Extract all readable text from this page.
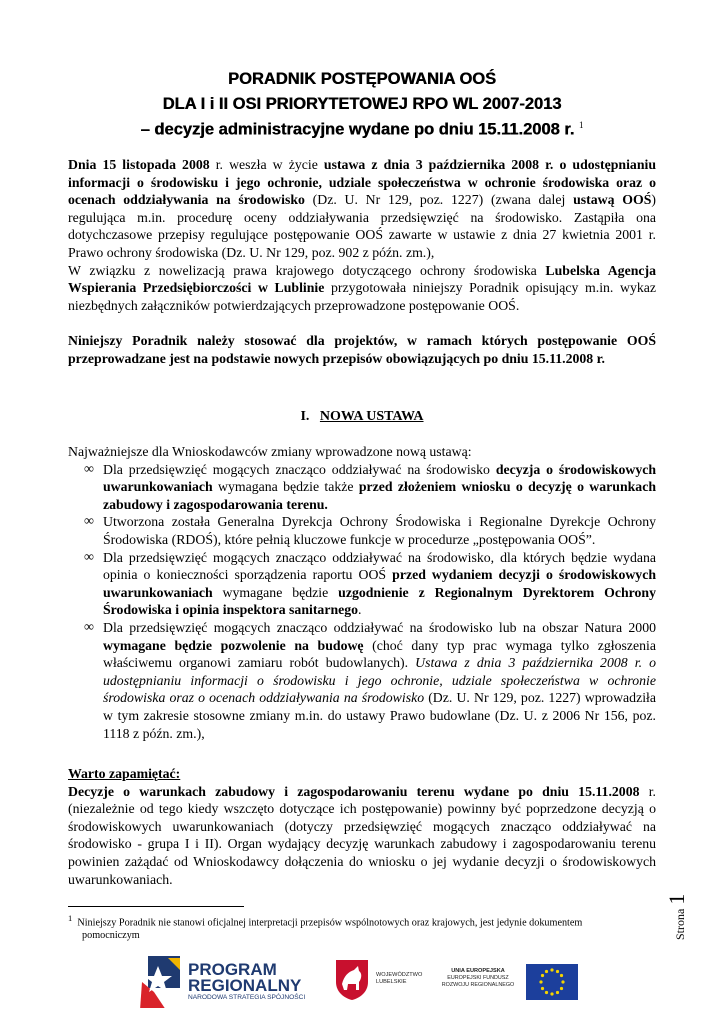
PORADNIK POSTĘPOWANIA OOŚ
DLA I i II OSI PRIORYTETOWEJ RPO WL 2007-2013
– decyzje administracyjne wydane po dniu 15.11.2008 r. $^1$

Dnia 15 listopada 2008 r. weszła w życie ustawa z dnia 3 października 2008 r. o udostępnianiu informacji o środowisku i jego ochronie, udziale społeczeństwa w ochronie środowiska oraz o ocenach oddziaływania na środowisko (Dz. U. Nr 129, poz. 1227) (zwana dalej ustawą OOŚ) regulująca m.in. procedurę oceny oddziaływania przedsięwzięć na środowisko. Zastąpiła ona dotychczasowe przepisy regulujące postępowanie OOŚ zawarte w ustawie z dnia 27 kwietnia 2001 r. Prawo ochrony środowiska (Dz. U. Nr 129, poz. 902 z późn. zm.),

W związku z nowelizacją prawa krajowego dotyczącego ochrony środowiska Lubelska Agencja Wspierania Przedsiębiorczości w Lublinie przygotowała niniejszy Poradnik opisujący m.in. wykaz niezbędnych załączników potwierdzających przeprowadzone postępowanie OOŚ.

Niniejszy Poradnik należy stosować dla projektów, w ramach których postępowanie OOŚ przeprowadzane jest na podstawie nowych przepisów obowiązujących po dniu 15.11.2008 r.

I. NOWA USTAWA

Najważniejsze dla Wnioskodawców zmiany wprowadzone nową ustawą:

∞ Dla przedsięwzięć mogących znacząco oddziaływać na środowisko decyzja o środowiskowych uwarunkowaniach wymagana będzie także przed złożeniem wniosku o decyzję o warunkach zabudowy i zagospodarowania terenu.
∞ Utworzona została Generalna Dyrekcja Ochrony Środowiska i Regionalne Dyrekcje Ochrony Środowiska (RDOŚ), które pełnią kluczowe funkcje w procedurze „postępowania OOŚ”.
∞ Dla przedsięwzięć mogących znacząco oddziaływać na środowisko, dla których będzie wydana opinia o konieczności sporządzenia raportu OOŚ przed wydaniem decyzji o środowiskowych uwarunkowaniach wymagane będzie uzgodnienie z Regionalnym Dyrektorem Ochrony Środowiska i opinia inspektora sanitarnego.
∞ Dla przedsięwzięć mogących znacząco oddziaływać na środowisko lub na obszar Natura 2000 wymagane będzie pozwolenie na budowę (choć dany typ prac wymaga tylko zgłoszenia właściwemu organowi zamiaru robót budowlanych). Ustawa z dnia 3 października 2008 r. o udostępnianiu informacji o środowisku i jego ochronie, udziale społeczeństwa w ochronie środowiska oraz o ocenach oddziaływania na środowisko (Dz. U. Nr 129, poz. 1227) wprowadziła w tym zakresie stosowne zmiany m.in. do ustawy Prawo budowlane (Dz. U. z 2006 Nr 156, poz. 1118 z późn. zm.),

Warto zapamiętać:

Decyzje o warunkach zabudowy i zagospodarowaniu terenu wydane po dniu 15.11.2008 r. (niezależnie od tego kiedy wszczęto dotyczące ich postępowanie) powinny być poprzedzone decyzją o środowiskowych uwarunkowaniach (dotyczy przedsięwzięć mogących znacząco oddziaływać na środowisko - grupa I i II). Organ wydający decyzję warunkach zabudowy i zagospodarowaniu terenu powinien zażądać od Wnioskodawcy dołączenia do wniosku o jej wydanie decyzji o środowiskowych uwarunkowaniach.

$^1$ Niniejszy Poradnik nie stanowi oficjalnej interpretacji przepisów wspólnotowych oraz krajowych, jest jedynie dokumentem
pomocniczym	Strona 1
PROGRAM
REGIONALNY
NARODOWA STRATEGIA SPÓJNOŚCI
WOJEWÓDZTWO
LUBELSKIE
UNIA EUROPEJSKA
EUROPEJSKI FUNDUSZ
ROZWOJU REGIONALNEGO
